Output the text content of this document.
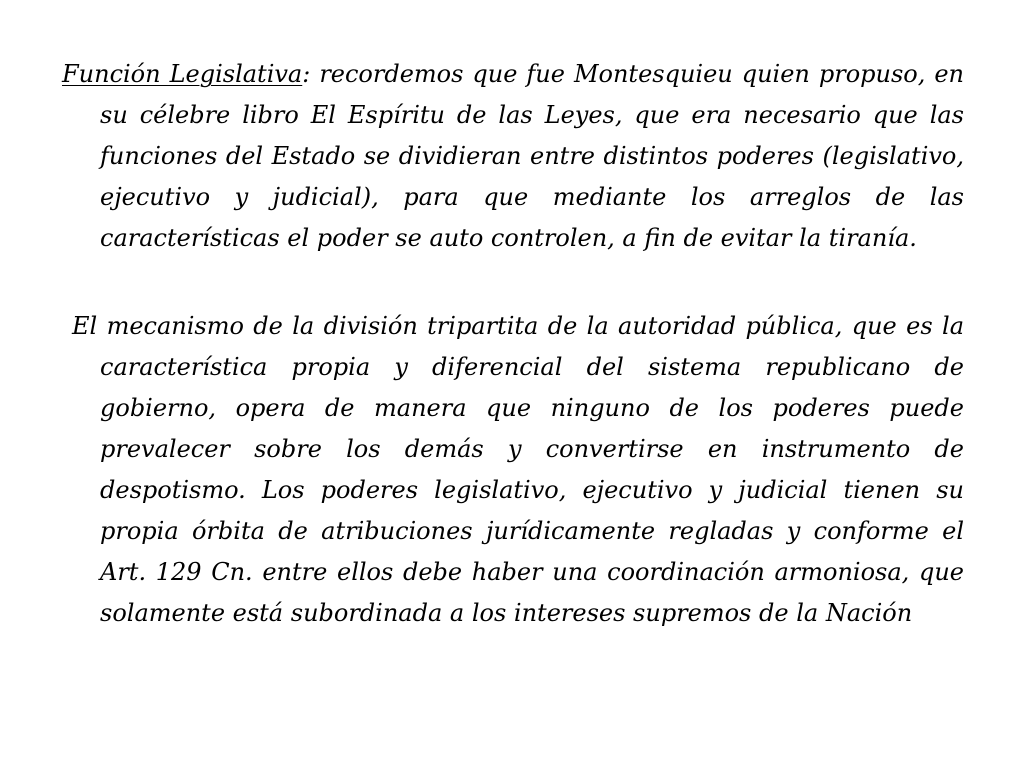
Función Legislativa: recordemos que fue Montesquieu quien propuso, en su célebre libro El Espíritu de las Leyes, que era necesario que las funciones del Estado se dividieran entre distintos poderes (legislativo, ejecutivo y judicial), para que mediante los arreglos de las características el poder se auto controlen, a fin de evitar la tiranía.

El mecanismo de la división tripartita de la autoridad pública, que es la característica propia y diferencial del sistema republicano de gobierno, opera de manera que ninguno de los poderes puede prevalecer sobre los demás y convertirse en instrumento de despotismo. Los poderes legislativo, ejecutivo y judicial tienen su propia órbita de atribuciones jurídicamente regladas y conforme el Art. 129 Cn. entre ellos debe haber una coordinación armoniosa, que solamente está subordinada a los intereses supremos de la Nación
